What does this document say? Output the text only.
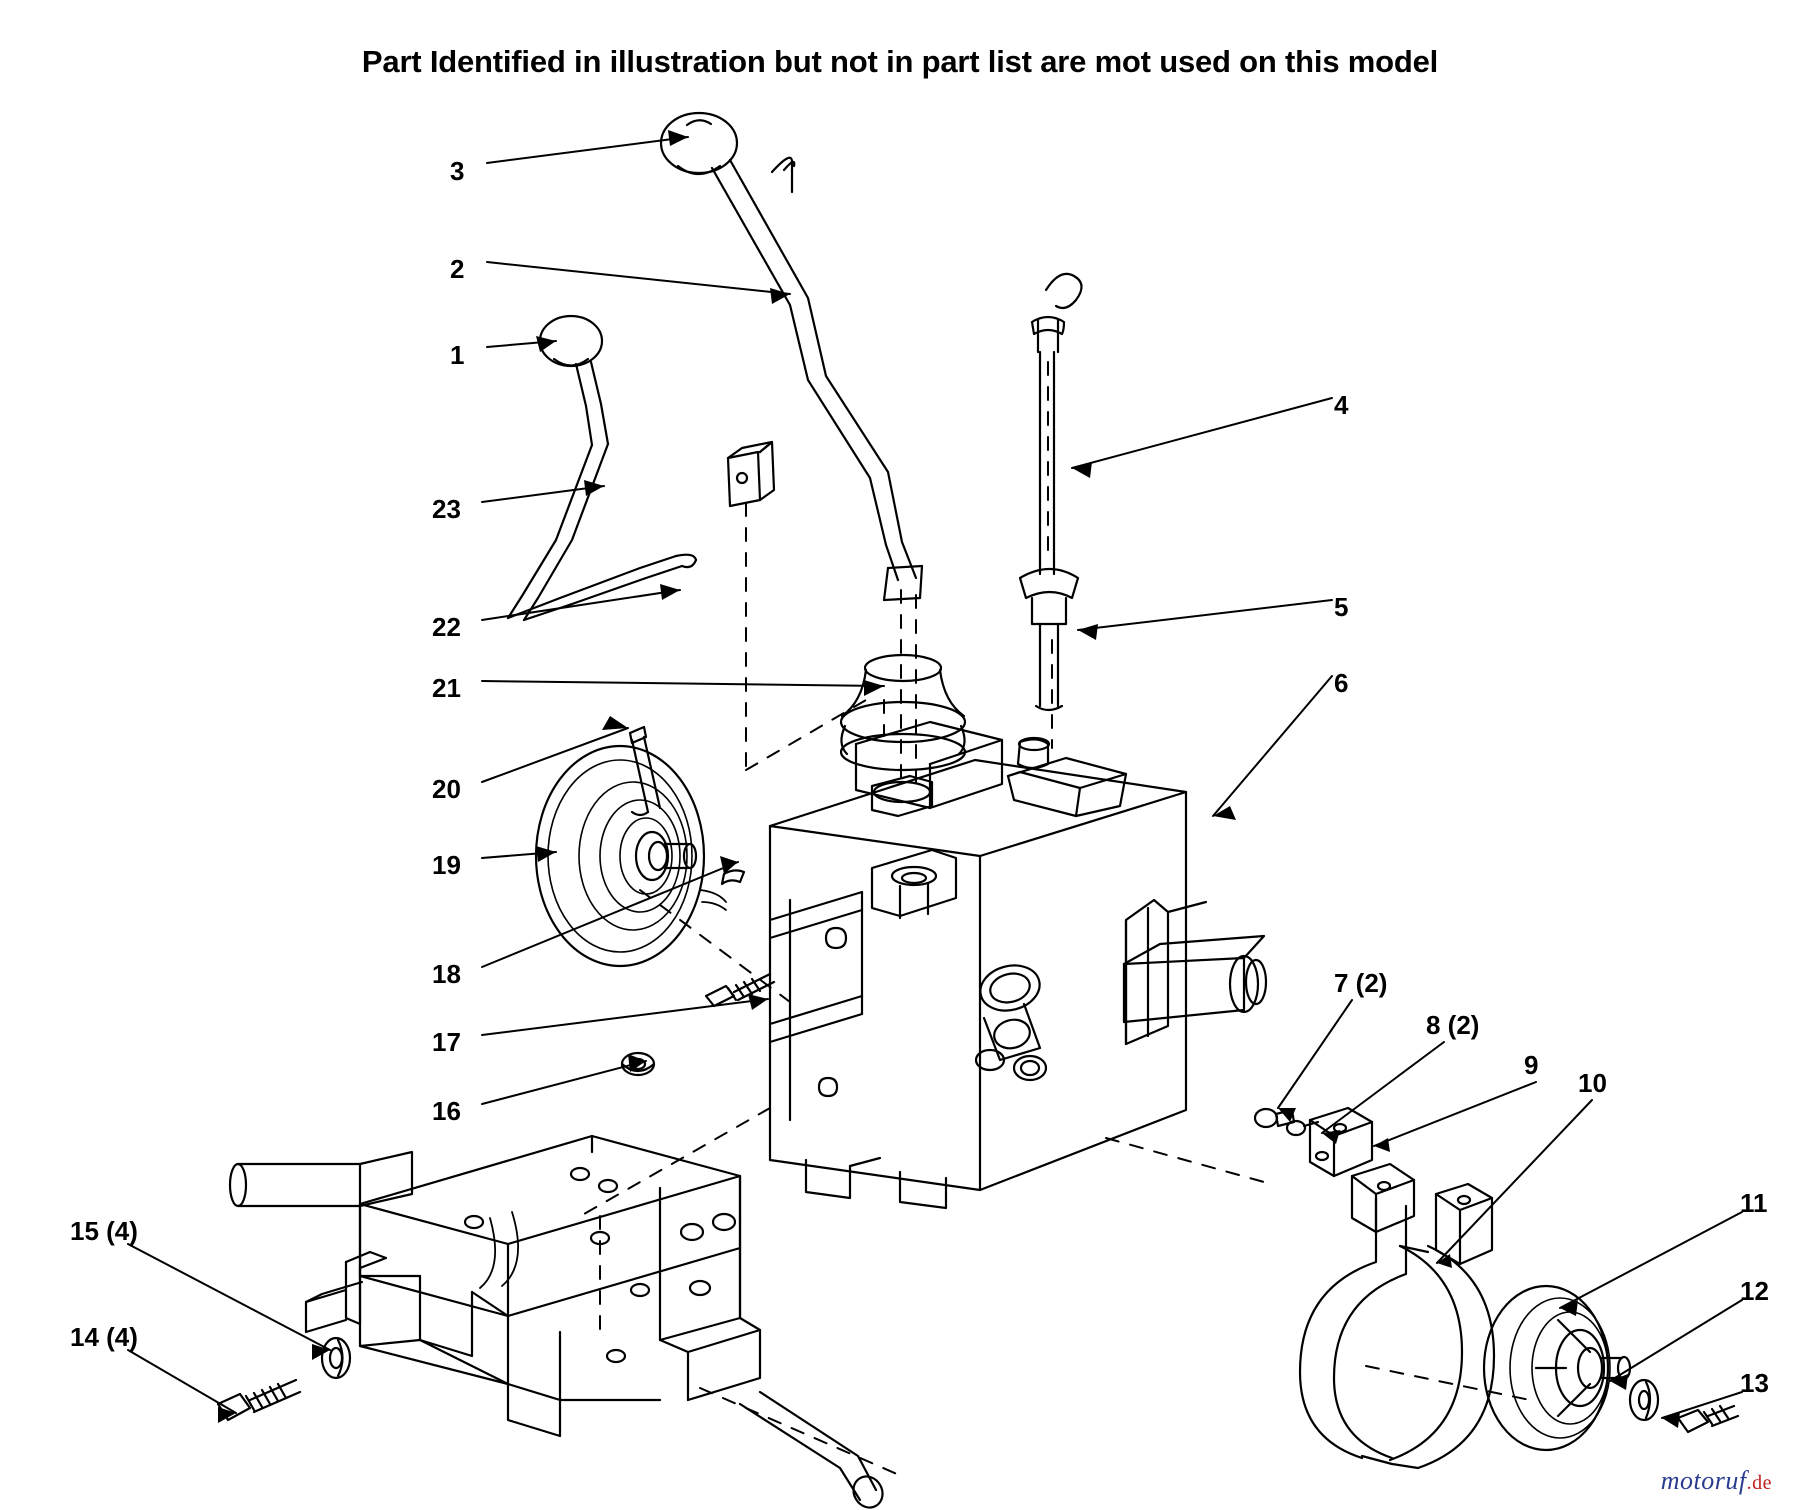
Part Identified in illustration but not in part list are mot used on this model
3
2
1
23
22
21
20
19
18
17
16
4
5
6
7 (2)
8 (2)
9
10
11
12
13
15 (4)
14 (4)
motoruf.de
